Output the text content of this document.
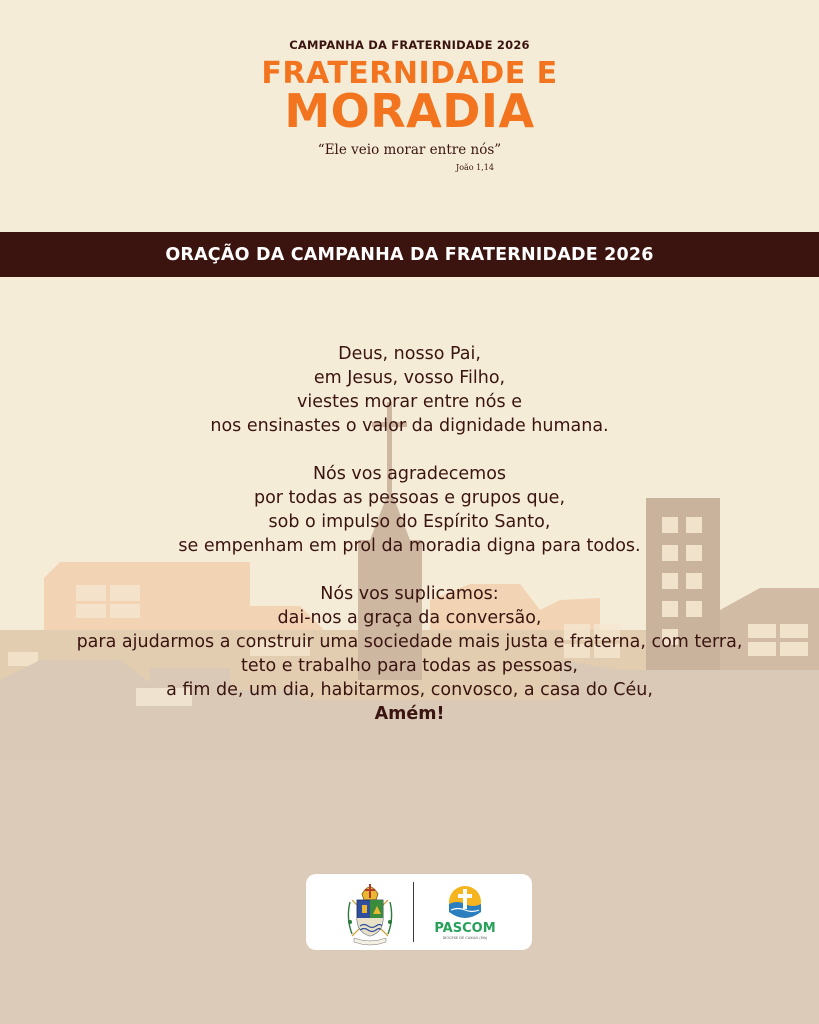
CAMPANHA DA FRATERNIDADE 2026
FRATERNIDADE E
MORADIA
“Ele veio morar entre nós”
João 1,14
ORAÇÃO DA CAMPANHA DA FRATERNIDADE 2026
Deus, nosso Pai,
em Jesus, vosso Filho,
viestes morar entre nós e
nos ensinastes o valor da dignidade humana.
Nós vos agradecemos
por todas as pessoas e grupos que,
sob o impulso do Espírito Santo,
se empenham em prol da moradia digna para todos.
Nós vos suplicamos:
dai-nos a graça da conversão,
para ajudarmos a construir uma sociedade mais justa e fraterna, com terra,
teto e trabalho para todas as pessoas,
a fim de, um dia, habitarmos, convosco, a casa do Céu,
Amém!
PASCOM
DIOCESE DE CAXIAS (MA)
